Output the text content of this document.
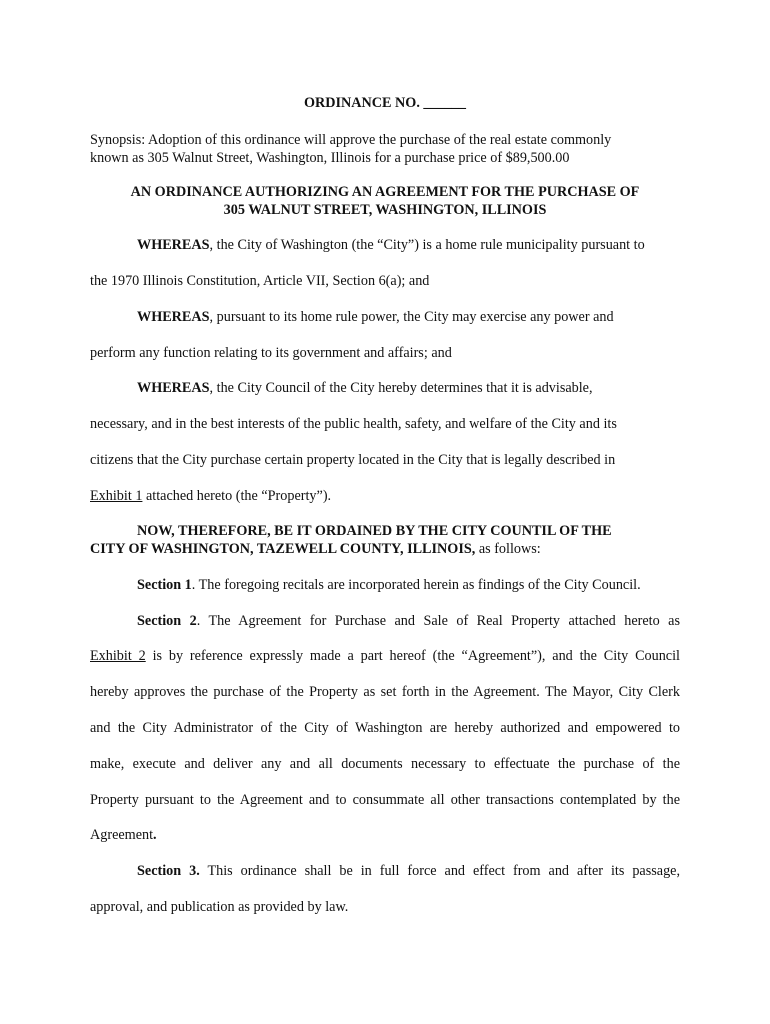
ORDINANCE NO. ______
Synopsis: Adoption of this ordinance will approve the purchase of the real estate commonly
known as 305 Walnut Street, Washington, Illinois for a purchase price of $89,500.00
AN ORDINANCE AUTHORIZING AN AGREEMENT FOR THE PURCHASE OF
305 WALNUT STREET, WASHINGTON, ILLINOIS
WHEREAS, the City of Washington (the “City”) is a home rule municipality pursuant to
the 1970 Illinois Constitution, Article VII, Section 6(a); and
WHEREAS, pursuant to its home rule power, the City may exercise any power and
perform any function relating to its government and affairs; and
WHEREAS, the City Council of the City hereby determines that it is advisable,
necessary, and in the best interests of the public health, safety, and welfare of the City and its
citizens that the City purchase certain property located in the City that is legally described in
Exhibit 1 attached hereto (the “Property”).
NOW, THEREFORE, BE IT ORDAINED BY THE CITY COUNTIL OF THE
CITY OF WASHINGTON, TAZEWELL COUNTY, ILLINOIS, as follows:
Section 1. The foregoing recitals are incorporated herein as findings of the City Council.
Section 2. The Agreement for Purchase and Sale of Real Property attached hereto as
Exhibit 2 is by reference expressly made a part hereof (the “Agreement”), and the City Council
hereby approves the purchase of the Property as set forth in the Agreement. The Mayor, City Clerk
and the City Administrator of the City of Washington are hereby authorized and empowered to
make, execute and deliver any and all documents necessary to effectuate the purchase of the
Property pursuant to the Agreement and to consummate all other transactions contemplated by the
Agreement.
Section 3. This ordinance shall be in full force and effect from and after its passage,
approval, and publication as provided by law.
